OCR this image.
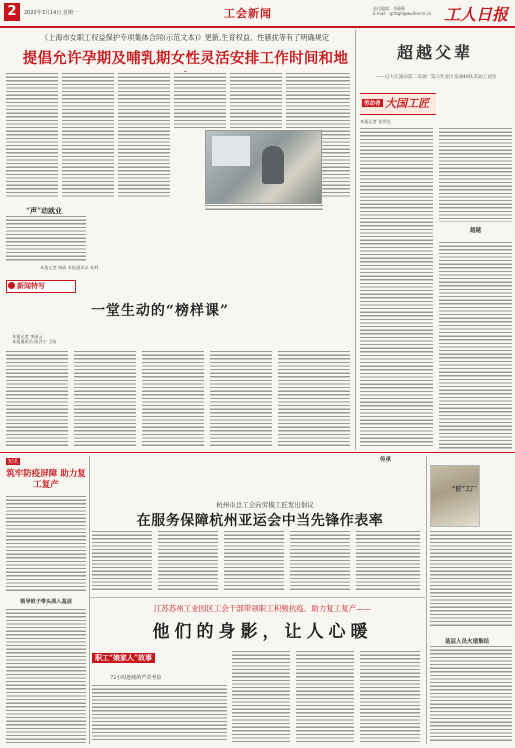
2	2022年3月14日 星期一	工会新闻	责任编辑：刘静静
E-mail：grrbgh@workercn.cn 工人日报
《上海市女职工权益保护专项集体合同(示范文本)》更新,生育权益、性骚扰等有了明确规定
提倡允许孕期及哺乳期女性灵活安排工作时间和地
“声”动就业
本报记者 杨霖 本报通讯员 朱林
新闻特写
一堂生动的“榜样课”
本报记者 李丽云
本报通讯员 陈乔宁 王晗
超越父辈
——记大庆油田第二采油厂第六作业区采油48队采油工刘杰
劳动者 大国工匠
本报记者 张世光
超越
传承
短讯
筑牢防疫屏障 助力复工复产
领导班子带头深入基层
杭州市总工会向劳模工匠发出倡议
在服务保障杭州亚运会中当先锋作表率
江苏苏州工业园区工会干部带领职工积极抗疫、助力复工复产——
他们的身影，让人心暖
职工“娘家人”故事
72小时连续的严苛考验
“匠”工厂
基层人员火速集结
